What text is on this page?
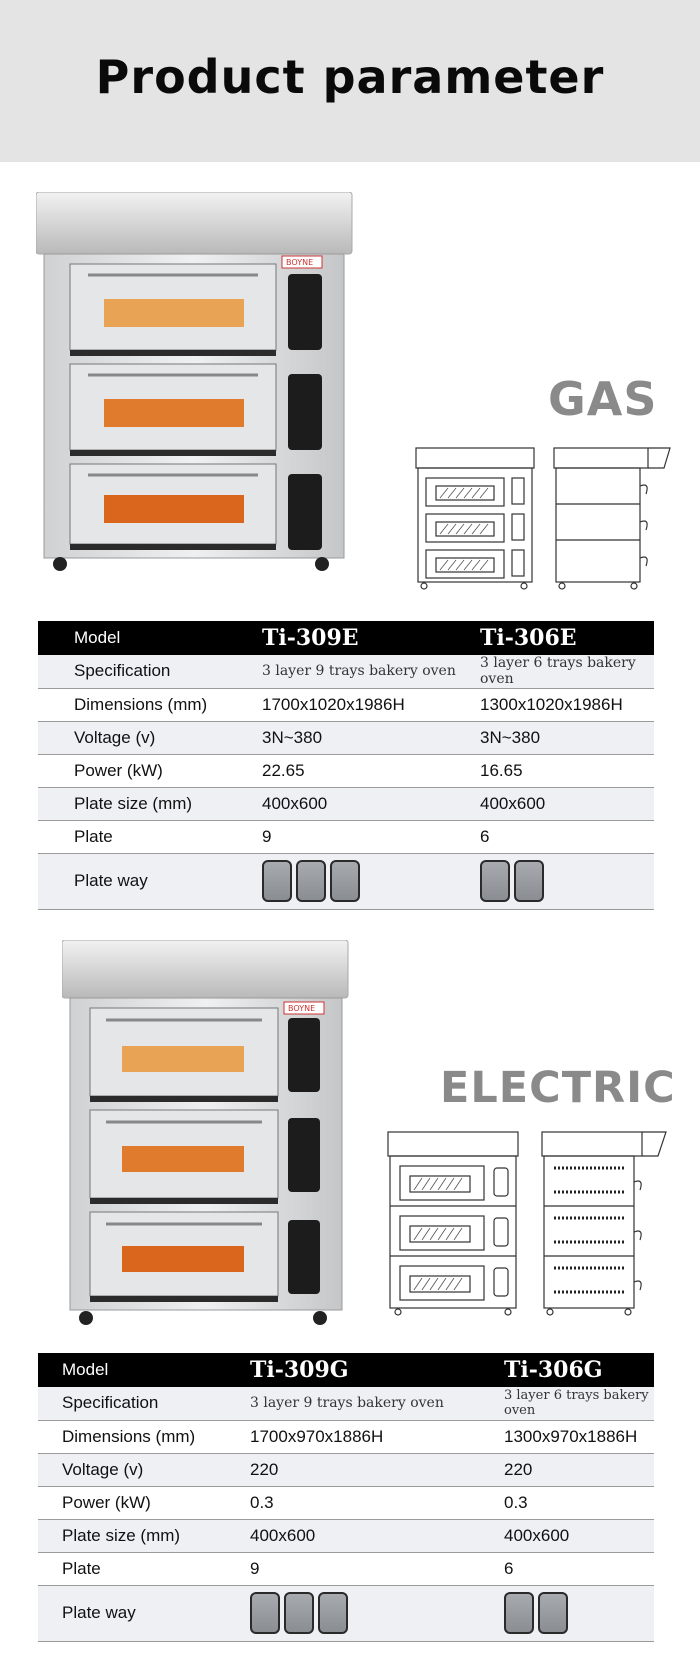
Product parameter
BOYNE
GAS
Model	Ti-309E	Ti-306E
Specification	3 layer 9 trays bakery oven	3 layer 6 trays bakery oven
Dimensions (mm)	1700x1020x1986H	1300x1020x1986H
Voltage (v)	3N~380	3N~380
Power (kW)	22.65	16.65
Plate size (mm)	400x600	400x600
Plate	9	6
Plate way	

BOYNE
ELECTRIC
Model	Ti-309G	Ti-306G
Specification	3 layer 9 trays bakery oven	3 layer 6 trays bakery oven
Dimensions (mm)	1700x970x1886H	1300x970x1886H
Voltage (v)	220	220
Power (kW)	0.3	0.3
Plate size (mm)	400x600	400x600
Plate	9	6
Plate way	
